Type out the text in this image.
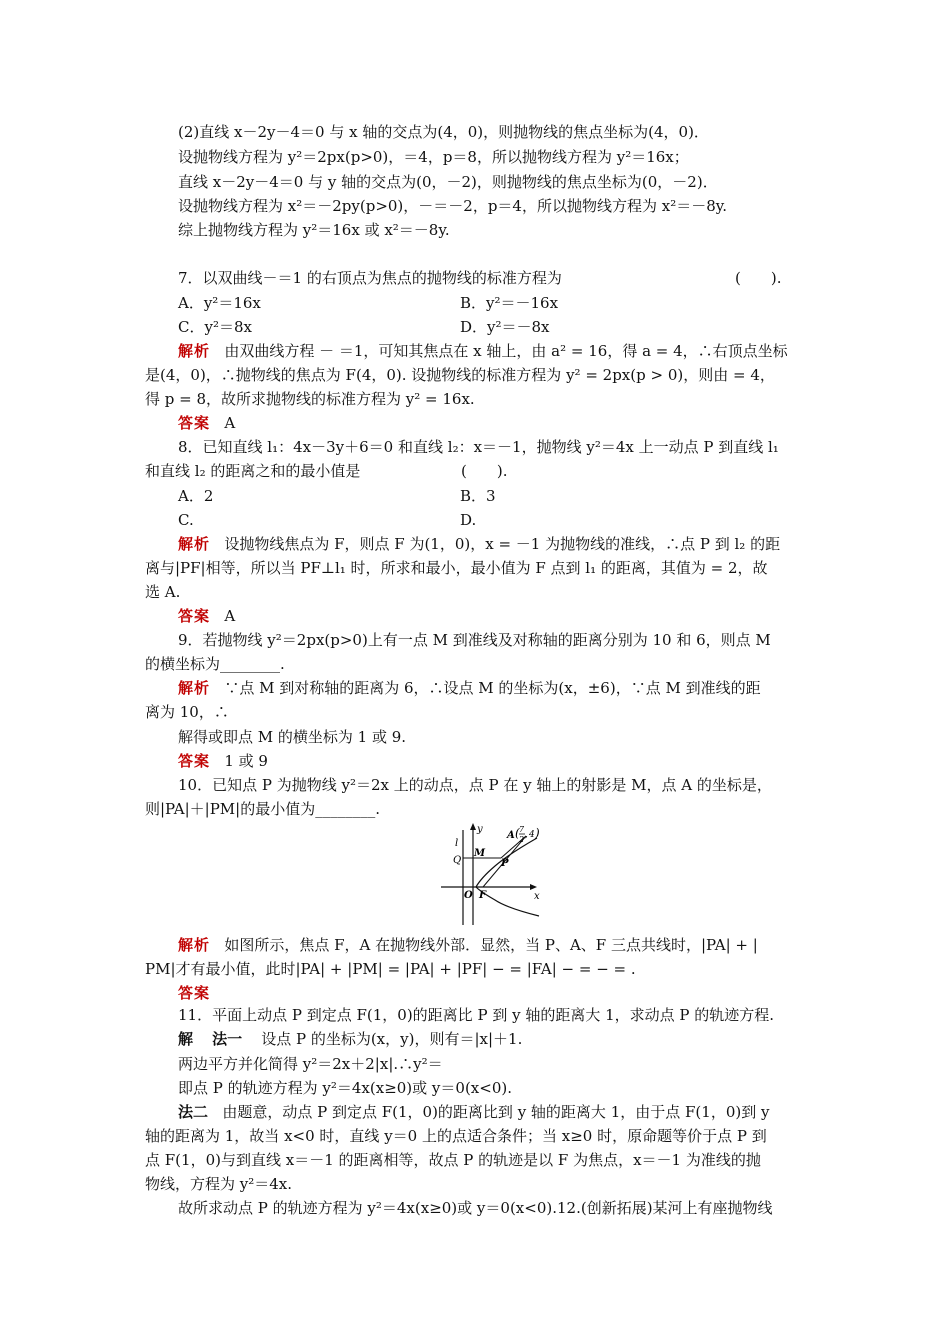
(2)直线 x－2y－4＝0 与 x 轴的交点为(4，0)，则抛物线的焦点坐标为(4，0)．
设抛物线方程为 y²＝2px(p>0)，＝4，p＝8，所以抛物线方程为 y²＝16x；
直线 x－2y－4＝0 与 y 轴的交点为(0，－2)，则抛物线的焦点坐标为(0，－2)．
设抛物线方程为 x²＝－2py(p>0)，－＝－2，p＝4，所以抛物线方程为 x²＝－8y.
综上抛物线方程为 y²＝16x 或 x²＝－8y.
7．以双曲线－＝1 的右顶点为焦点的抛物线的标准方程为	(　　).
A．y²＝16x	B．y²＝－16x
C．y²＝8x	D．y²＝－8x
解析 由双曲线方程 － ＝1，可知其焦点在 x 轴上，由 a² = 16，得 a = 4，∴右顶点坐标
是(4，0)，∴抛物线的焦点为 F(4，0). 设抛物线的标准方程为 y² = 2px(p > 0)，则由 = 4，
得 p = 8，故所求抛物线的标准方程为 y² = 16x.
答案 A
8．已知直线 l₁：4x－3y＋6＝0 和直线 l₂：x＝－1，抛物线 y²＝4x 上一动点 P 到直线 l₁
和直线 l₂ 的距离之和的最小值是	(　　).
A．2	B．3
C.	D.
解析 设抛物线焦点为 F，则点 F 为(1，0)，x = －1 为抛物线的准线，∴点 P 到 l₂ 的距
离与|PF|相等，所以当 PF⊥l₁ 时，所求和最小，最小值为 F 点到 l₁ 的距离，其值为 = 2，故
选 A.
答案 A
9．若抛物线 y²＝2px(p>0)上有一点 M 到准线及对称轴的距离分别为 10 和 6，则点 M
的横坐标为________.
解析 ∵点 M 到对称轴的距离为 6，∴设点 M 的坐标为(x，±6)，∵点 M 到准线的距
离为 10，∴
解得或即点 M 的横坐标为 1 或 9.
答案 1 或 9
10．已知点 P 为抛物线 y²＝2x 上的动点，点 P 在 y 轴上的射影是 M，点 A 的坐标是，
则|PA|＋|PM|的最小值为________.
y
x
l
Q
M
P
O F
A ( 7
2 , 4 )
解析 如图所示，焦点 F，A 在抛物线外部．显然，当 P、A、F 三点共线时，|PA| + |
PM|才有最小值，此时|PA| + |PM| = |PA| + |PF| − = |FA| − = − = .
答案
11．平面上动点 P 到定点 F(1，0)的距离比 P 到 y 轴的距离大 1，求动点 P 的轨迹方程.
解 法一 设点 P 的坐标为(x，y)，则有＝|x|＋1.
两边平方并化简得 y²＝2x＋2|x|.∴y²＝
即点 P 的轨迹方程为 y²＝4x(x≥0)或 y＝0(x<0).
法二 由题意，动点 P 到定点 F(1，0)的距离比到 y 轴的距离大 1，由于点 F(1，0)到 y
轴的距离为 1，故当 x<0 时，直线 y＝0 上的点适合条件；当 x≥0 时，原命题等价于点 P 到
点 F(1，0)与到直线 x＝－1 的距离相等，故点 P 的轨迹是以 F 为焦点，x＝－1 为准线的抛
物线，方程为 y²＝4x.
故所求动点 P 的轨迹方程为 y²＝4x(x≥0)或 y＝0(x<0).12.(创新拓展)某河上有座抛物线
